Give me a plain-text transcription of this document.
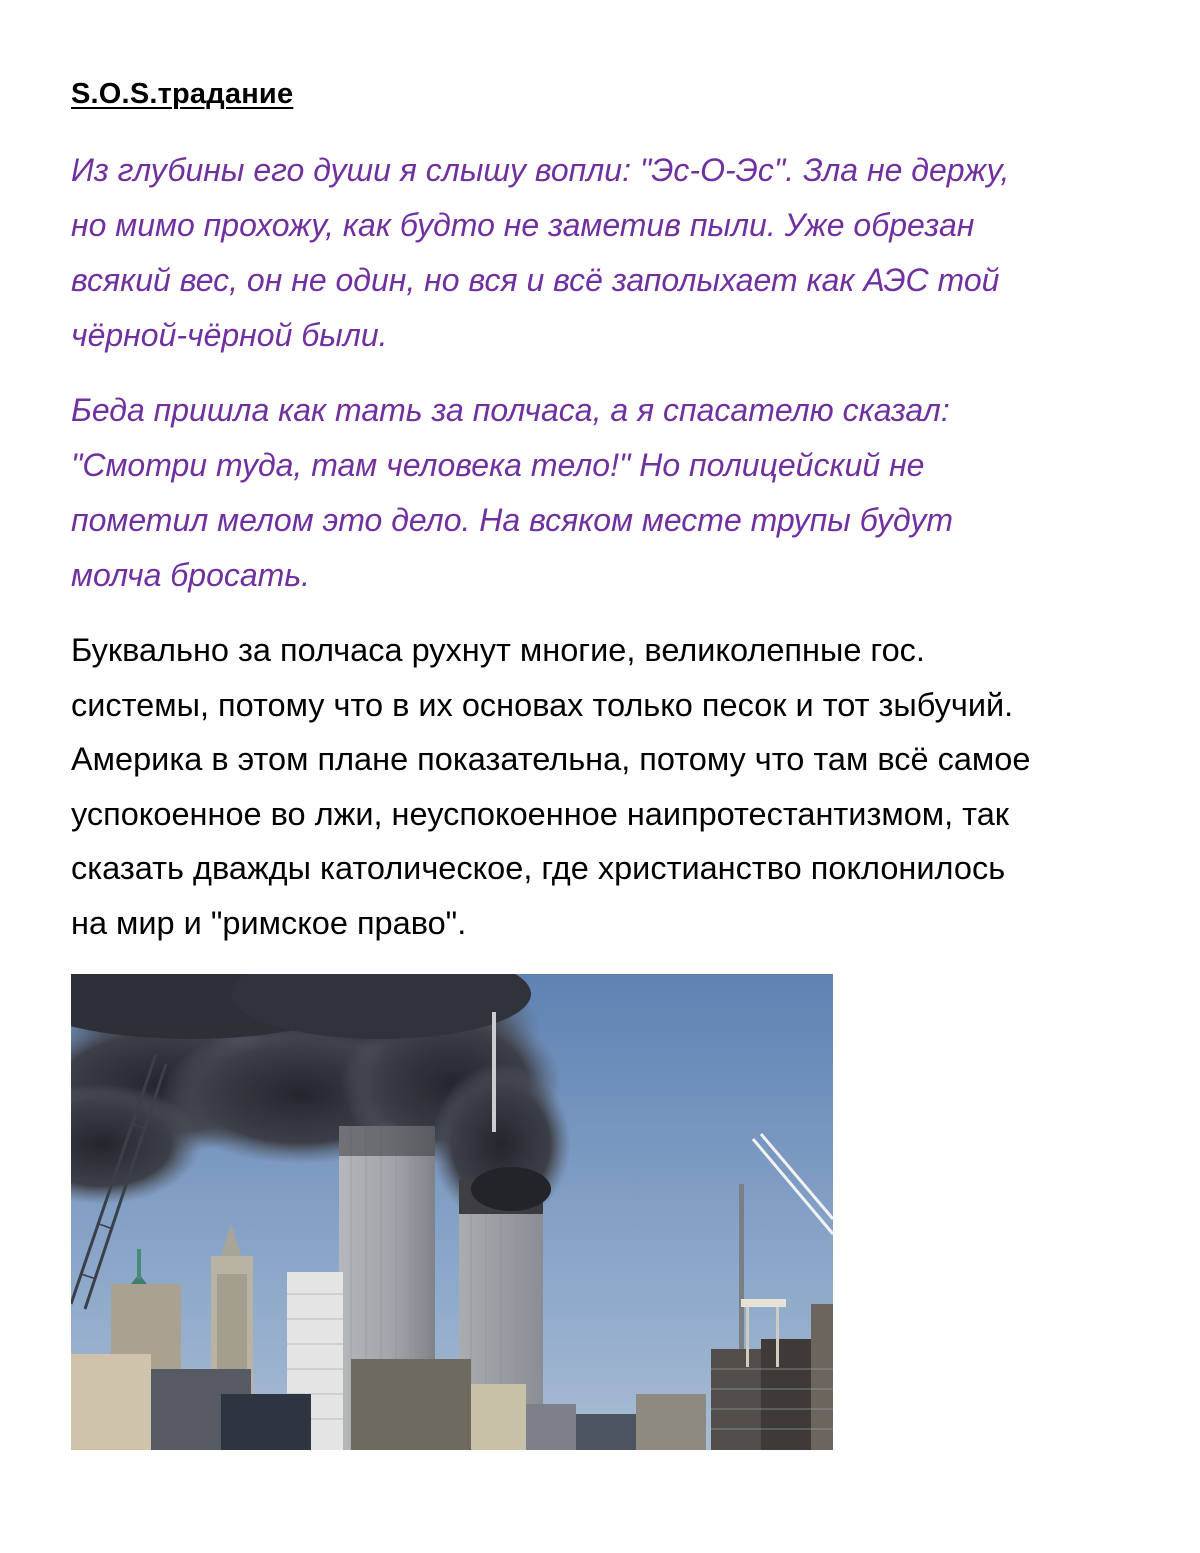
S.O.S.традание
Из глубины его души я слышу вопли: "Эс-О-Эс". Зла не держу,
но мимо прохожу, как будто не заметив пыли. Уже обрезан
всякий вес, он не один, но вся и всё заполыхает как АЭС той
чёрной-чёрной были.
Беда пришла как тать за полчаса, а я спасателю сказал:
"Смотри туда, там человека тело!" Но полицейский не
пометил мелом это дело. На всяком месте трупы будут
молча бросать.
Буквально за полчаса рухнут многие, великолепные гос.
системы, потому что в их основах только песок и тот зыбучий.
Америка в этом плане показательна, потому что там всё самое
успокоенное во лжи, неуспокоенное наипротестантизмом, так
сказать дважды католическое, где христианство поклонилось
на мир и "римское право".
